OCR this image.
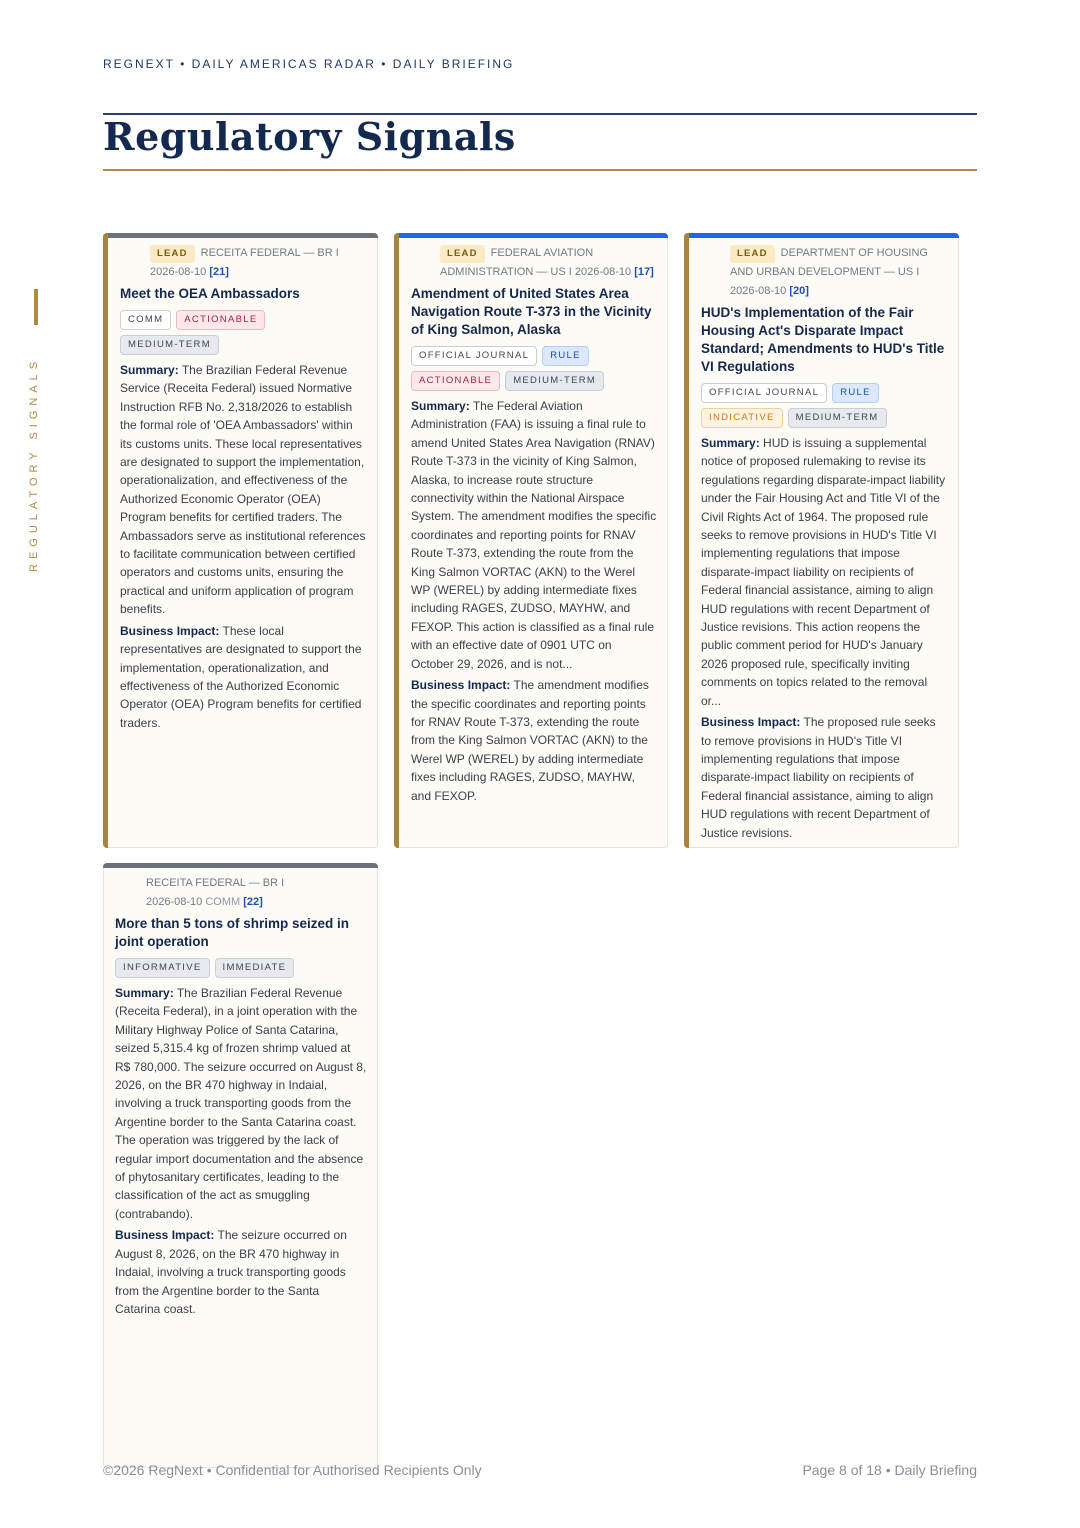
REGNEXT • DAILY AMERICAS RADAR • DAILY BRIEFING
Regulatory Signals
REGULATORY SIGNALS
LEAD RECEITA FEDERAL — BR I
2026-08-10 [21]
Meet the OEA Ambassadors
COMM ACTIONABLEMEDIUM-TERM
Summary: The Brazilian Federal Revenue Service (Receita Federal) issued Normative Instruction RFB No. 2,318/2026 to establish the formal role of 'OEA Ambassadors' within its customs units. These local representatives are designated to support the implementation, operationalization, and effectiveness of the Authorized Economic Operator (OEA) Program benefits for certified traders. The Ambassadors serve as institutional references to facilitate communication between certified operators and customs units, ensuring the practical and uniform application of program benefits.
Business Impact: These local representatives are designated to support the implementation, operationalization, and effectiveness of the Authorized Economic Operator (OEA) Program benefits for certified traders.
LEAD FEDERAL AVIATION ADMINISTRATION — US I 2026-08-10 [17]
Amendment of United States Area Navigation Route T-373 in the Vicinity of King Salmon, Alaska
OFFICIAL JOURNAL RULEACTIONABLE MEDIUM-TERM
Summary: The Federal Aviation Administration (FAA) is issuing a final rule to amend United States Area Navigation (RNAV) Route T-373 in the vicinity of King Salmon, Alaska, to increase route structure connectivity within the National Airspace System. The amendment modifies the specific coordinates and reporting points for RNAV Route T-373, extending the route from the King Salmon VORTAC (AKN) to the Werel WP (WEREL) by adding intermediate fixes including RAGES, ZUDSO, MAYHW, and FEXOP. This action is classified as a final rule with an effective date of 0901 UTC on October 29, 2026, and is not...
Business Impact: The amendment modifies the specific coordinates and reporting points for RNAV Route T-373, extending the route from the King Salmon VORTAC (AKN) to the Werel WP (WEREL) by adding intermediate fixes including RAGES, ZUDSO, MAYHW, and FEXOP.
LEAD DEPARTMENT OF HOUSING AND URBAN DEVELOPMENT — US I 2026-08-10 [20]
HUD's Implementation of the Fair Housing Act's Disparate Impact Standard; Amendments to HUD's Title VI Regulations
OFFICIAL JOURNAL RULEINDICATIVE MEDIUM-TERM
Summary: HUD is issuing a supplemental notice of proposed rulemaking to revise its regulations regarding disparate-impact liability under the Fair Housing Act and Title VI of the Civil Rights Act of 1964. The proposed rule seeks to remove provisions in HUD's Title VI implementing regulations that impose disparate-impact liability on recipients of Federal financial assistance, aiming to align HUD regulations with recent Department of Justice revisions. This action reopens the public comment period for HUD's January 2026 proposed rule, specifically inviting comments on topics related to the removal or...
Business Impact: The proposed rule seeks to remove provisions in HUD's Title VI implementing regulations that impose disparate-impact liability on recipients of Federal financial assistance, aiming to align HUD regulations with recent Department of Justice revisions.
RECEITA FEDERAL — BR I
2026-08-10 COMM [22]
More than 5 tons of shrimp seized in joint operation
INFORMATIVE IMMEDIATE
Summary: The Brazilian Federal Revenue (Receita Federal), in a joint operation with the Military Highway Police of Santa Catarina, seized 5,315.4 kg of frozen shrimp valued at R$ 780,000. The seizure occurred on August 8, 2026, on the BR 470 highway in Indaial, involving a truck transporting goods from the Argentine border to the Santa Catarina coast. The operation was triggered by the lack of regular import documentation and the absence of phytosanitary certificates, leading to the classification of the act as smuggling (contrabando).
Business Impact: The seizure occurred on August 8, 2026, on the BR 470 highway in Indaial, involving a truck transporting goods from the Argentine border to the Santa Catarina coast.
©2026 RegNext • Confidential for Authorised Recipients Only	Page 8 of 18 • Daily Briefing
